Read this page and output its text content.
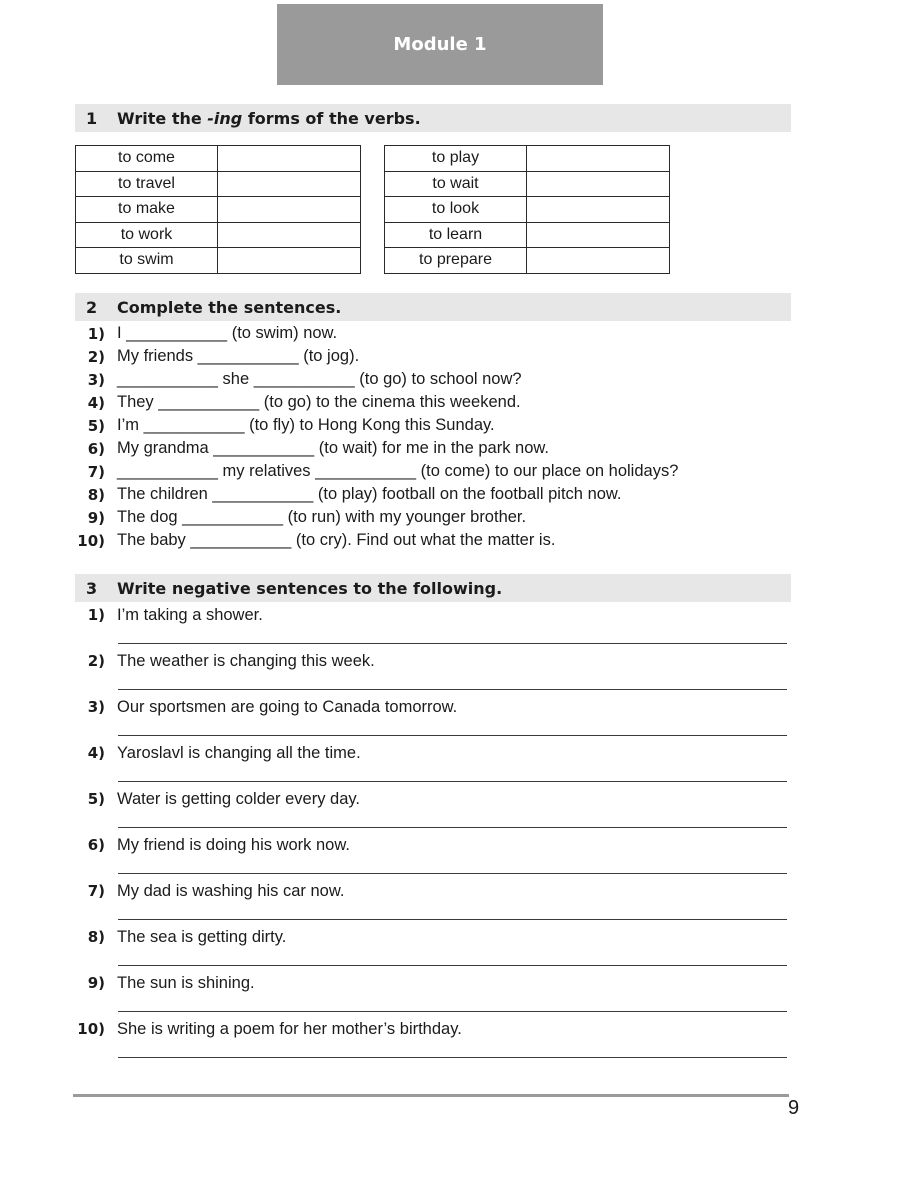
Module 1
1	Write the -ing forms of the verbs.
to come	
to travel	
to make	
to work	
to swim	
to play	
to wait	
to look	
to learn	
to prepare	
2	Complete the sentences.
1) I ___________ (to swim) now.
2) My friends ___________ (to jog).
3) ___________ she ___________ (to go) to school now?
4) They ___________ (to go) to the cinema this weekend.
5) I’m ___________ (to fly) to Hong Kong this Sunday.
6) My grandma ___________ (to wait) for me in the park now.
7) ___________ my relatives ___________ (to come) to our place on holidays?
8) The children ___________ (to play) football on the football pitch now.
9) The dog ___________ (to run) with my younger brother.
10) The baby ___________ (to cry). Find out what the matter is.
3	Write negative sentences to the following.
1) I’m taking a shower.
2) The weather is changing this week.
3) Our sportsmen are going to Canada tomorrow.
4) Yaroslavl is changing all the time.
5) Water is getting colder every day.
6) My friend is doing his work now.
7) My dad is washing his car now.
8) The sea is getting dirty.
9) The sun is shining.
10) She is writing a poem for her mother’s birthday.
9
